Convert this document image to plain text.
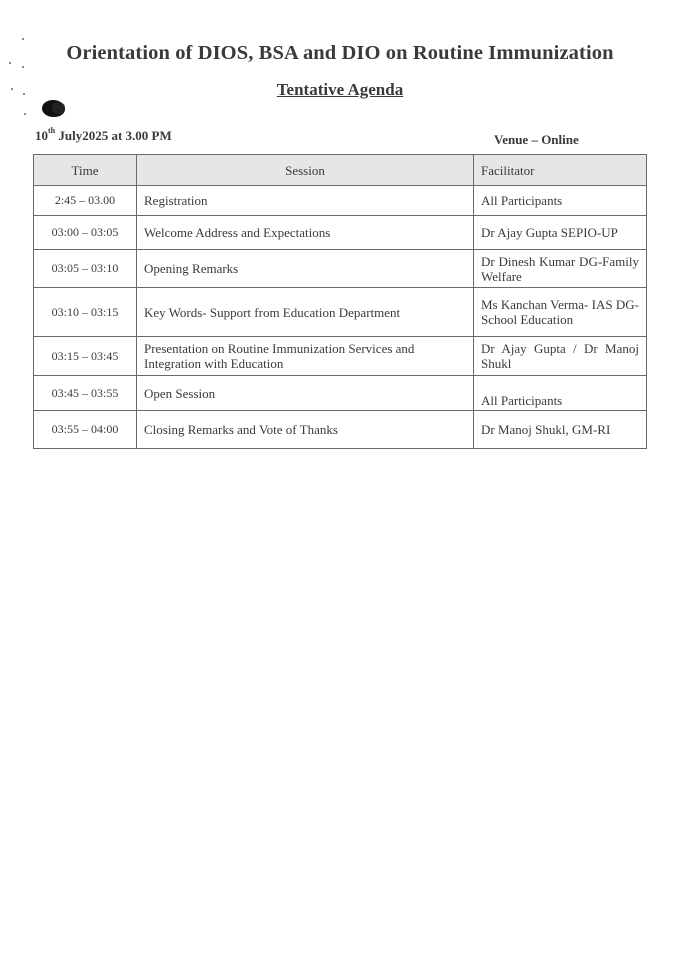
Orientation of DIOS, BSA and DIO on Routine Immunization
Tentative Agenda
10th July2025 at 3.00 PM	Venue – Online
Time	Session	Facilitator
2:45 – 03.00	Registration	All Participants
03:00 – 03:05	Welcome Address and Expectations	Dr Ajay Gupta SEPIO-UP
03:05 – 03:10	Opening Remarks	Dr Dinesh Kumar DG-Family Welfare
03:10 – 03:15	Key Words- Support from Education Department	Ms Kanchan Verma- IAS DG-School Education
03:15 – 03:45	Presentation on Routine Immunization Services and Integration with Education	Dr Ajay Gupta / Dr Manoj Shukl
03:45 – 03:55	Open Session	All Participants
03:55 – 04:00	Closing Remarks and Vote of Thanks	Dr Manoj Shukl, GM-RI
